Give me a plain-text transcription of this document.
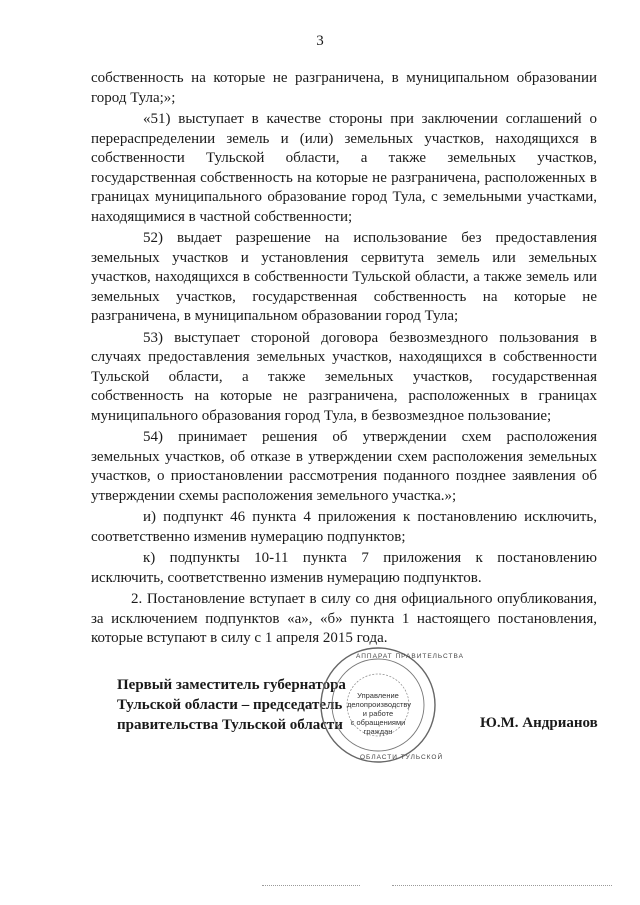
3

собственность на которые не разграничена, в муниципальном образовании город Тула;»;

«51) выступает в качестве стороны при заключении соглашений о перераспределении земель и (или) земельных участков, находящихся в собственности Тульской области, а также земельных участков, государственная собственность на которые не разграничена, расположенных в границах муниципального образование город Тула, с земельными участками, находящимися в частной собственности;

52) выдает разрешение на использование без предоставления земельных участков и установления сервитута земель или земельных участков, находящихся в собственности Тульской области, а также земель или земельных участков, государственная собственность на которые не разграничена, в муниципальном образовании город Тула;

53) выступает стороной договора безвозмездного пользования в случаях предоставления земельных участков, находящихся в собственности Тульской области, а также земельных участков, государственная собственность на которые не разграничена, расположенных в границах муниципального образования город Тула, в безвозмездное пользование;

54) принимает решения об утверждении схем расположения земельных участков, об отказе в утверждении схем расположения земельных участков, о приостановлении рассмотрения поданного позднее заявления об утверждении схемы расположения земельного участка.»;

и) подпункт 46 пункта 4 приложения к постановлению исключить, соответственно изменив нумерацию подпунктов;

к) подпункты 10-11 пункта 7 приложения к постановлению исключить, соответственно изменив нумерацию подпунктов.

2. Постановление вступает в силу со дня официального опубликования, за исключением подпунктов «а», «б» пункта 1 настоящего постановления, которые вступают в силу с 1 апреля 2015 года.

Первый заместитель губернатора
Тульской области – председатель
правительства Тульской области
АППАРАТ ПРАВИТЕЛЬСТВА
ОБЛАСТИ ТУЛЬСКОЙ
Управление
делопроизводству
и работе
с обращениями
граждан
Ю.М. Андрианов
